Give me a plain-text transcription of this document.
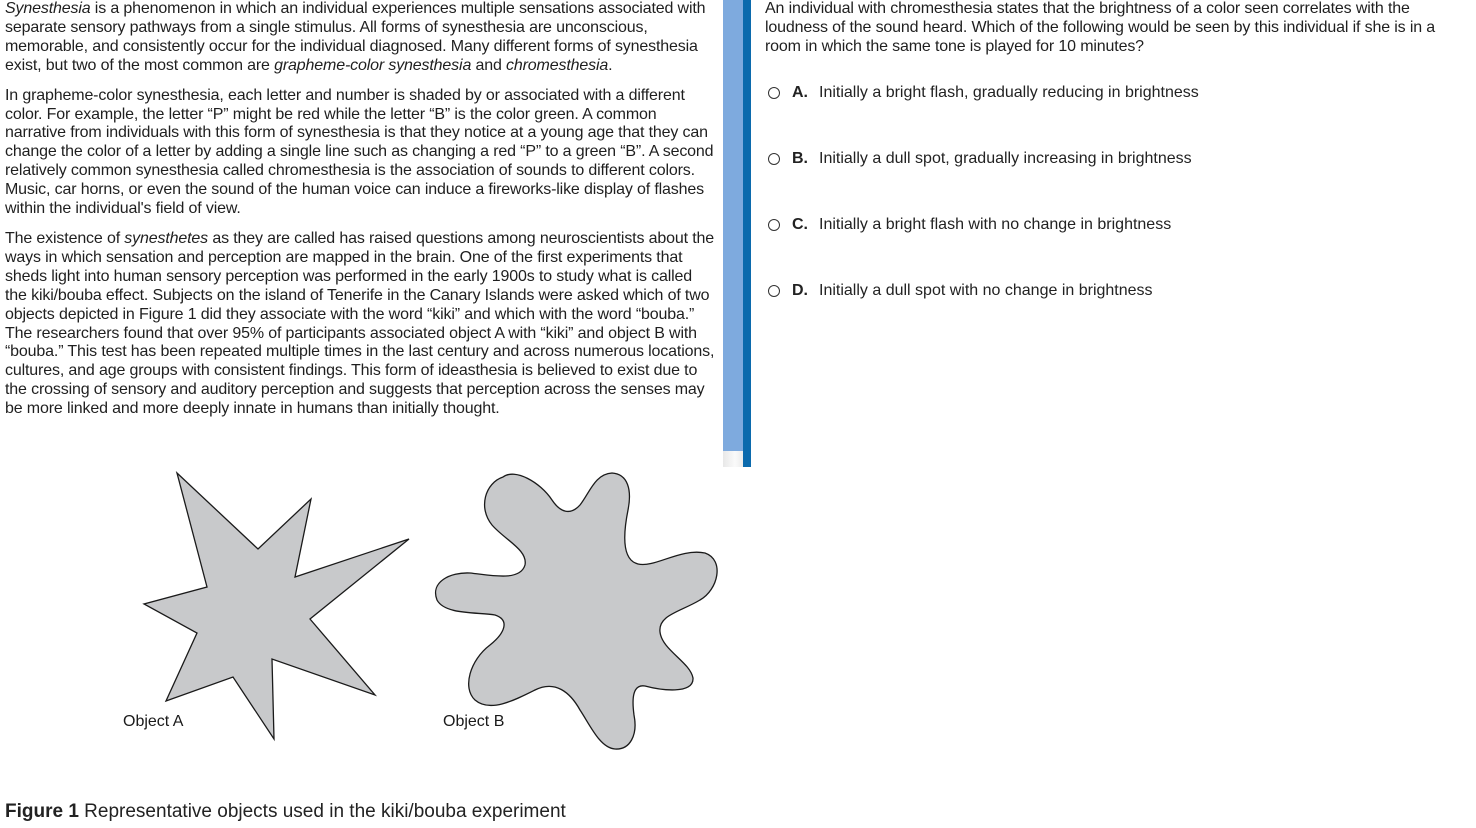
Synesthesia is a phenomenon in which an individual experiences multiple sensations associated with separate sensory pathways from a single stimulus. All forms of synesthesia are unconscious, memorable, and consistently occur for the individual diagnosed. Many different forms of synesthesia exist, but two of the most common are grapheme-color synesthesia and chromesthesia.

In grapheme-color synesthesia, each letter and number is shaded by or associated with a different color. For example, the letter “P” might be red while the letter “B” is the color green. A common narrative from individuals with this form of synesthesia is that they notice at a young age that they can change the color of a letter by adding a single line such as changing a red “P” to a green “B”. A second relatively common synesthesia called chromesthesia is the association of sounds to different colors. Music, car horns, or even the sound of the human voice can induce a fireworks-like display of flashes within the individual's field of view.

The existence of synesthetes as they are called has raised questions among neuroscientists about the ways in which sensation and perception are mapped in the brain. One of the first experiments that sheds light into human sensory perception was performed in the early 1900s to study what is called the kiki/bouba effect. Subjects on the island of Tenerife in the Canary Islands were asked which of two objects depicted in Figure 1 did they associate with the word “kiki” and which with the word “bouba.” The researchers found that over 95% of participants associated object A with “kiki” and object B with “bouba.” This test has been repeated multiple times in the last century and across numerous locations, cultures, and age groups with consistent findings. This form of ideasthesia is believed to exist due to the crossing of sensory and auditory perception and suggests that perception across the senses may be more linked and more deeply innate in humans than initially thought.

Object A	Object B
Figure 1 Representative objects used in the kiki/bouba experiment
An individual with chromesthesia states that the brightness of a color seen correlates with the loudness of the sound heard. Which of the following would be seen by this individual if she is in a room in which the same tone is played for 10 minutes?
A. Initially a bright flash, gradually reducing in brightness
B. Initially a dull spot, gradually increasing in brightness
C. Initially a bright flash with no change in brightness
D. Initially a dull spot with no change in brightness
